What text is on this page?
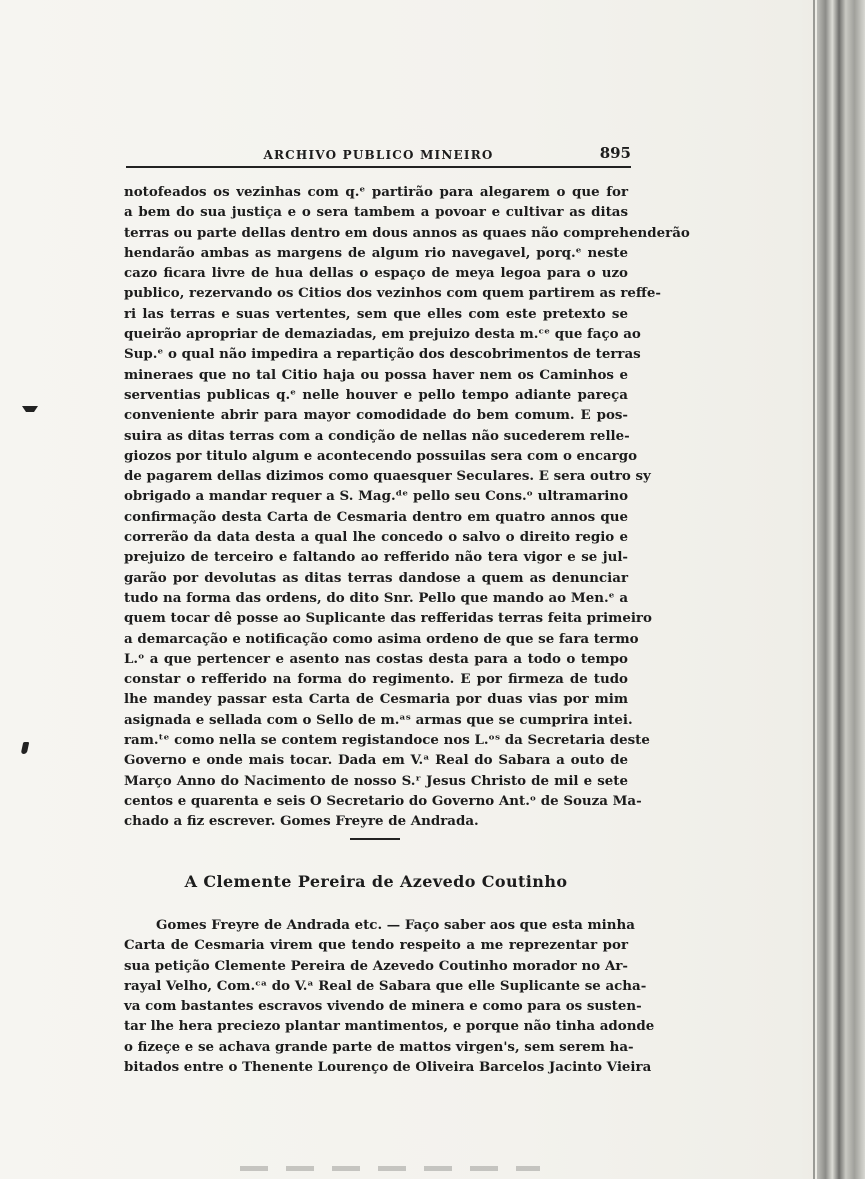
ARCHIVO PUBLICO MINEIRO	895
notofeados os vezinhas com q.ᵉ partirão para alegarem o que for
a bem do sua justiça e o sera tambem a povoar e cultivar as ditas
terras ou parte dellas dentro em dous annos as quaes não comprehenderão
hendarão ambas as margens de algum rio navegavel, porq.ᵉ neste
cazo ficara livre de hua dellas o espaço de meya legoa para o uzo
publico, rezervando os Citios dos vezinhos com quem partirem as reffe-
ri las terras e suas vertentes, sem que elles com este pretexto se
queirão apropriar de demaziadas, em prejuizo desta m.ᶜᵉ que faço ao
Sup.ᵉ o qual não impedira a repartição dos descobrimentos de terras
mineraes que no tal Citio haja ou possa haver nem os Caminhos e
serventias publicas q.ᵉ nelle houver e pello tempo adiante pareça
conveniente abrir para mayor comodidade do bem comum. E pos-
suira as ditas terras com a condição de nellas não sucederem relle-
giozos por titulo algum e acontecendo possuilas sera com o encargo
de pagarem dellas dizimos como quaesquer Seculares. E sera outro sy
obrigado a mandar requer a S. Mag.ᵈᵉ pello seu Cons.ᵒ ultramarino
confirmação desta Carta de Cesmaria dentro em quatro annos que
correrão da data desta a qual lhe concedo o salvo o direito regio e
prejuizo de terceiro e faltando ao refferido não tera vigor e se jul-
garão por devolutas as ditas terras dandose a quem as denunciar
tudo na forma das ordens, do dito Snr. Pello que mando ao Men.ᵉ a
quem tocar dê posse ao Suplicante das refferidas terras feita primeiro
a demarcação e notificação como asima ordeno de que se fara termo
L.ᵒ a que pertencer e asento nas costas desta para a todo o tempo
constar o refferido na forma do regimento. E por firmeza de tudo
lhe mandey passar esta Carta de Cesmaria por duas vias por mim
asignada e sellada com o Sello de m.ᵃˢ armas que se cumprira intei.
ram.ᵗᵉ como nella se contem registandoce nos L.ᵒˢ da Secretaria deste
Governo e onde mais tocar. Dada em V.ᵃ Real do Sabara a outo de
Março Anno do Nacimento de nosso S.ʳ Jesus Christo de mil e sete
centos e quarenta e seis O Secretario do Governo Ant.ᵒ de Souza Ma-
chado a fiz escrever. Gomes Freyre de Andrada.
A Clemente Pereira de Azevedo Coutinho
Gomes Freyre de Andrada etc. — Faço saber aos que esta minha
Carta de Cesmaria virem que tendo respeito a me reprezentar por
sua petição Clemente Pereira de Azevedo Coutinho morador no Ar-
rayal Velho, Com.ᶜᵃ do V.ᵃ Real de Sabara que elle Suplicante se acha-
va com bastantes escravos vivendo de minera e como para os susten-
tar lhe hera preciezo plantar mantimentos, e porque não tinha adonde
o fizeçe e se achava grande parte de mattos virgen's, sem serem ha-
bitados entre o Thenente Lourenço de Oliveira Barcelos Jacinto Vieira
